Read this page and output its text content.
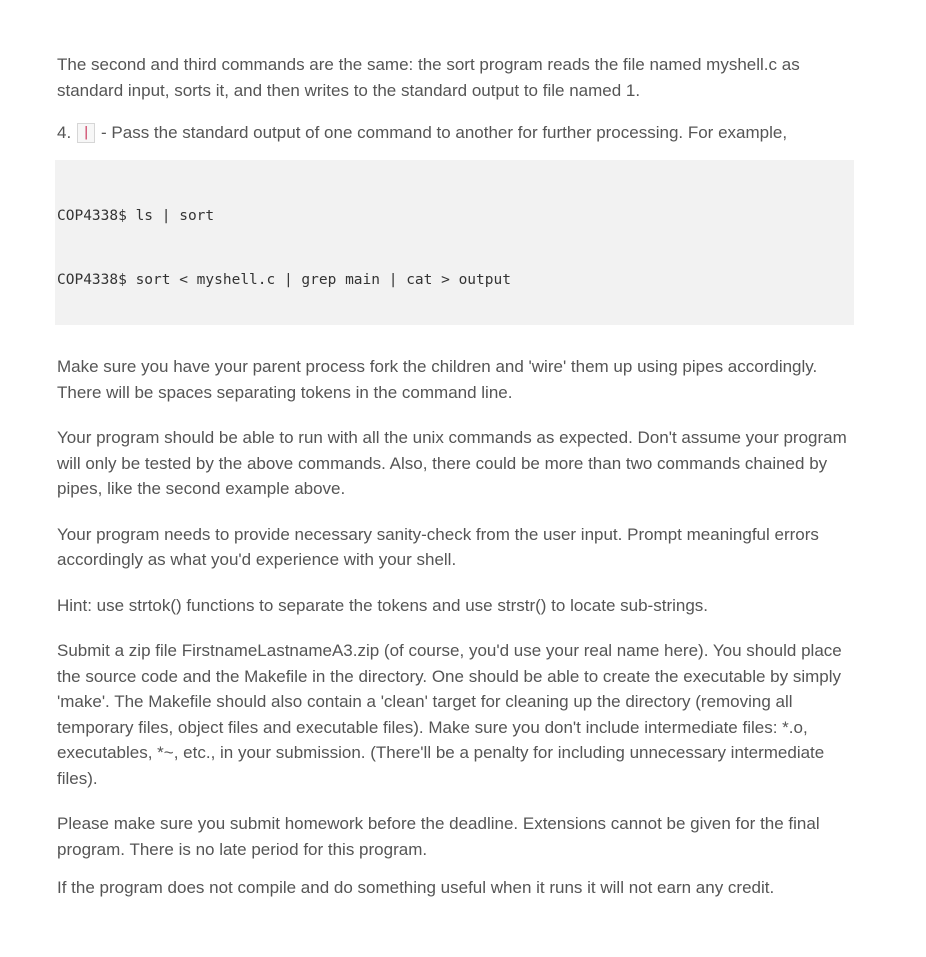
The second and third commands are the same: the sort program reads the file named myshell.c as standard input, sorts it, and then writes to the standard output to file named 1.

4. | - Pass the standard output of one command to another for further processing. For example,
COP4338$ ls | sort
COP4338$ sort < myshell.c | grep main | cat > output

Make sure you have your parent process fork the children and 'wire' them up using pipes accordingly. There will be spaces separating tokens in the command line.

Your program should be able to run with all the unix commands as expected. Don't assume your program will only be tested by the above commands. Also, there could be more than two commands chained by pipes, like the second example above.

Your program needs to provide necessary sanity-check from the user input. Prompt meaningful errors accordingly as what you'd experience with your shell.

Hint: use strtok() functions to separate the tokens and use strstr() to locate sub-strings.

Submit a zip file FirstnameLastnameA3.zip (of course, you'd use your real name here). You should place the source code and the Makefile in the directory. One should be able to create the executable by simply 'make'. The Makefile should also contain a 'clean' target for cleaning up the directory (removing all temporary files, object files and executable files). Make sure you don't include intermediate files: *.o, executables, *~, etc., in your submission. (There'll be a penalty for including unnecessary intermediate files).

Please make sure you submit homework before the deadline. Extensions cannot be given for the final program. There is no late period for this program.

If the program does not compile and do something useful when it runs it will not earn any credit.
